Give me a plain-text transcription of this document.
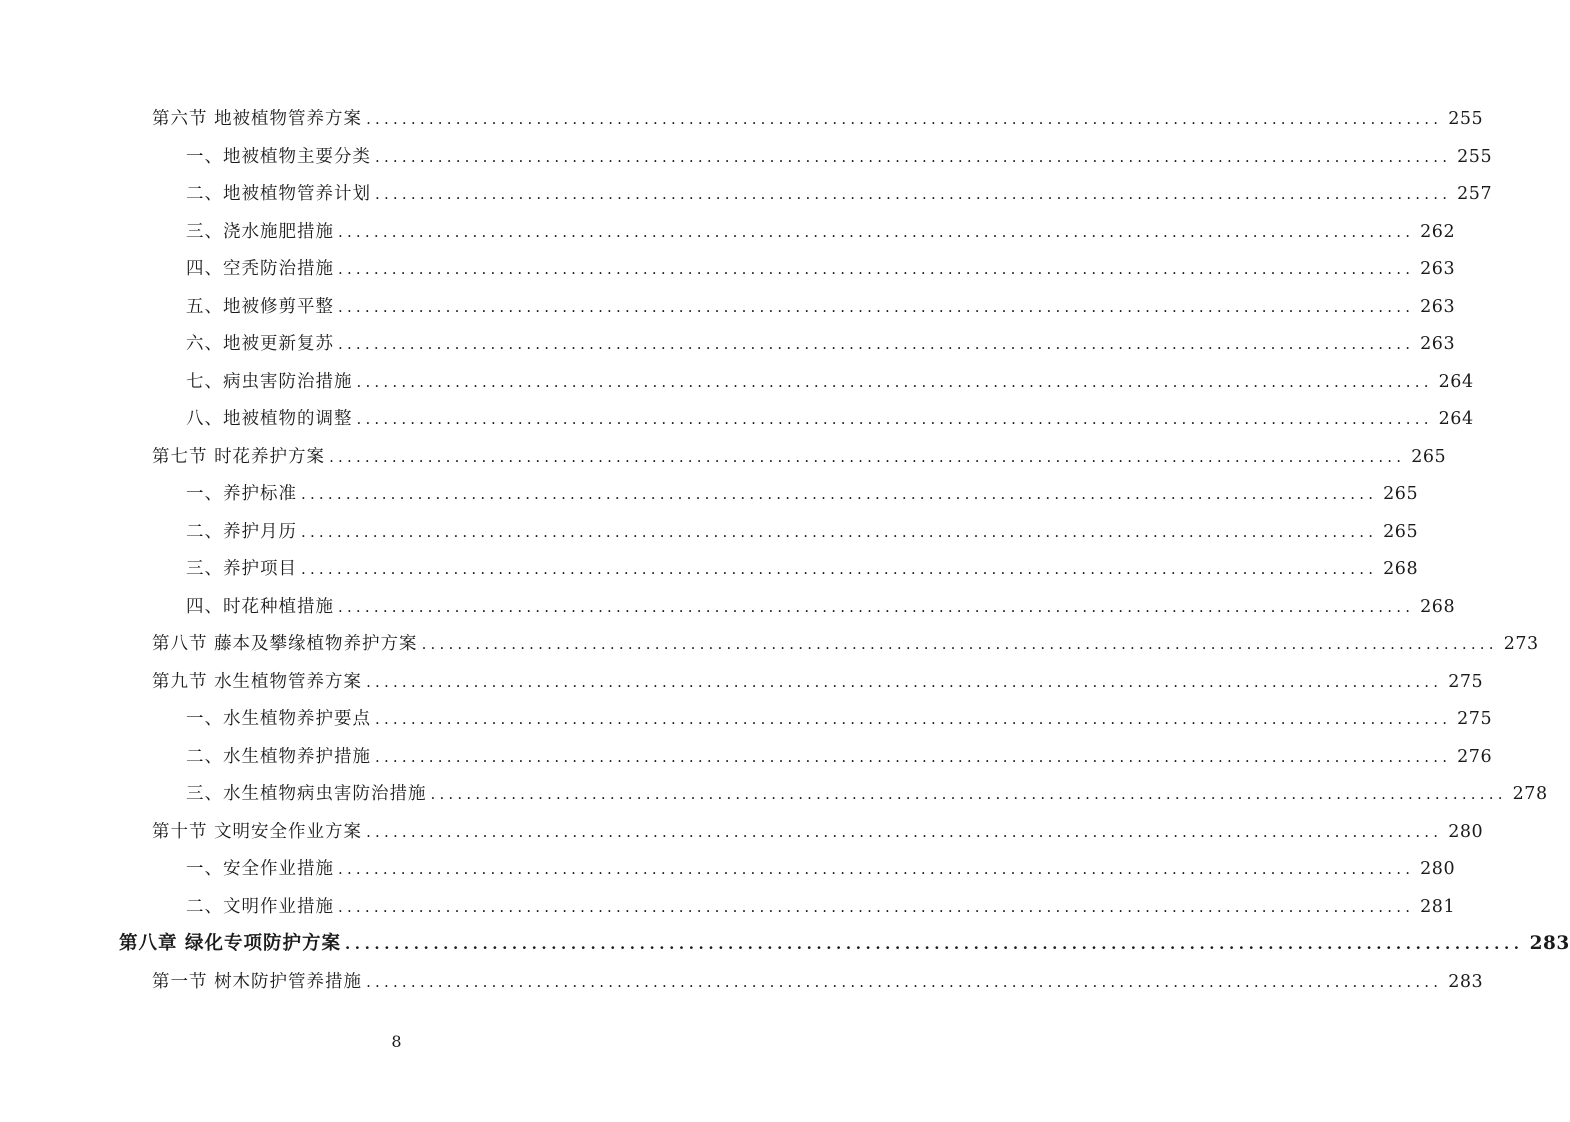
第六节 地被植物管养方案 ........................................................................................................................ 255
一、地被植物主要分类 ........................................................................................................................ 255
二、地被植物管养计划 ........................................................................................................................ 257
三、浇水施肥措施 ........................................................................................................................ 262
四、空秃防治措施 ........................................................................................................................ 263
五、地被修剪平整 ........................................................................................................................ 263
六、地被更新复苏 ........................................................................................................................ 263
七、病虫害防治措施 ........................................................................................................................ 264
八、地被植物的调整 ........................................................................................................................ 264
第七节 时花养护方案 ........................................................................................................................ 265
一、养护标准 ........................................................................................................................ 265
二、养护月历 ........................................................................................................................ 265
三、养护项目 ........................................................................................................................ 268
四、时花种植措施 ........................................................................................................................ 268
第八节 藤本及攀缘植物养护方案 ........................................................................................................................ 273
第九节 水生植物管养方案 ........................................................................................................................ 275
一、水生植物养护要点 ........................................................................................................................ 275
二、水生植物养护措施 ........................................................................................................................ 276
三、水生植物病虫害防治措施 ........................................................................................................................ 278
第十节 文明安全作业方案 ........................................................................................................................ 280
一、安全作业措施 ........................................................................................................................ 280
二、文明作业措施 ........................................................................................................................ 281
第八章 绿化专项防护方案 ........................................................................................................................ 283
第一节 树木防护管养措施 ........................................................................................................................ 283
8
